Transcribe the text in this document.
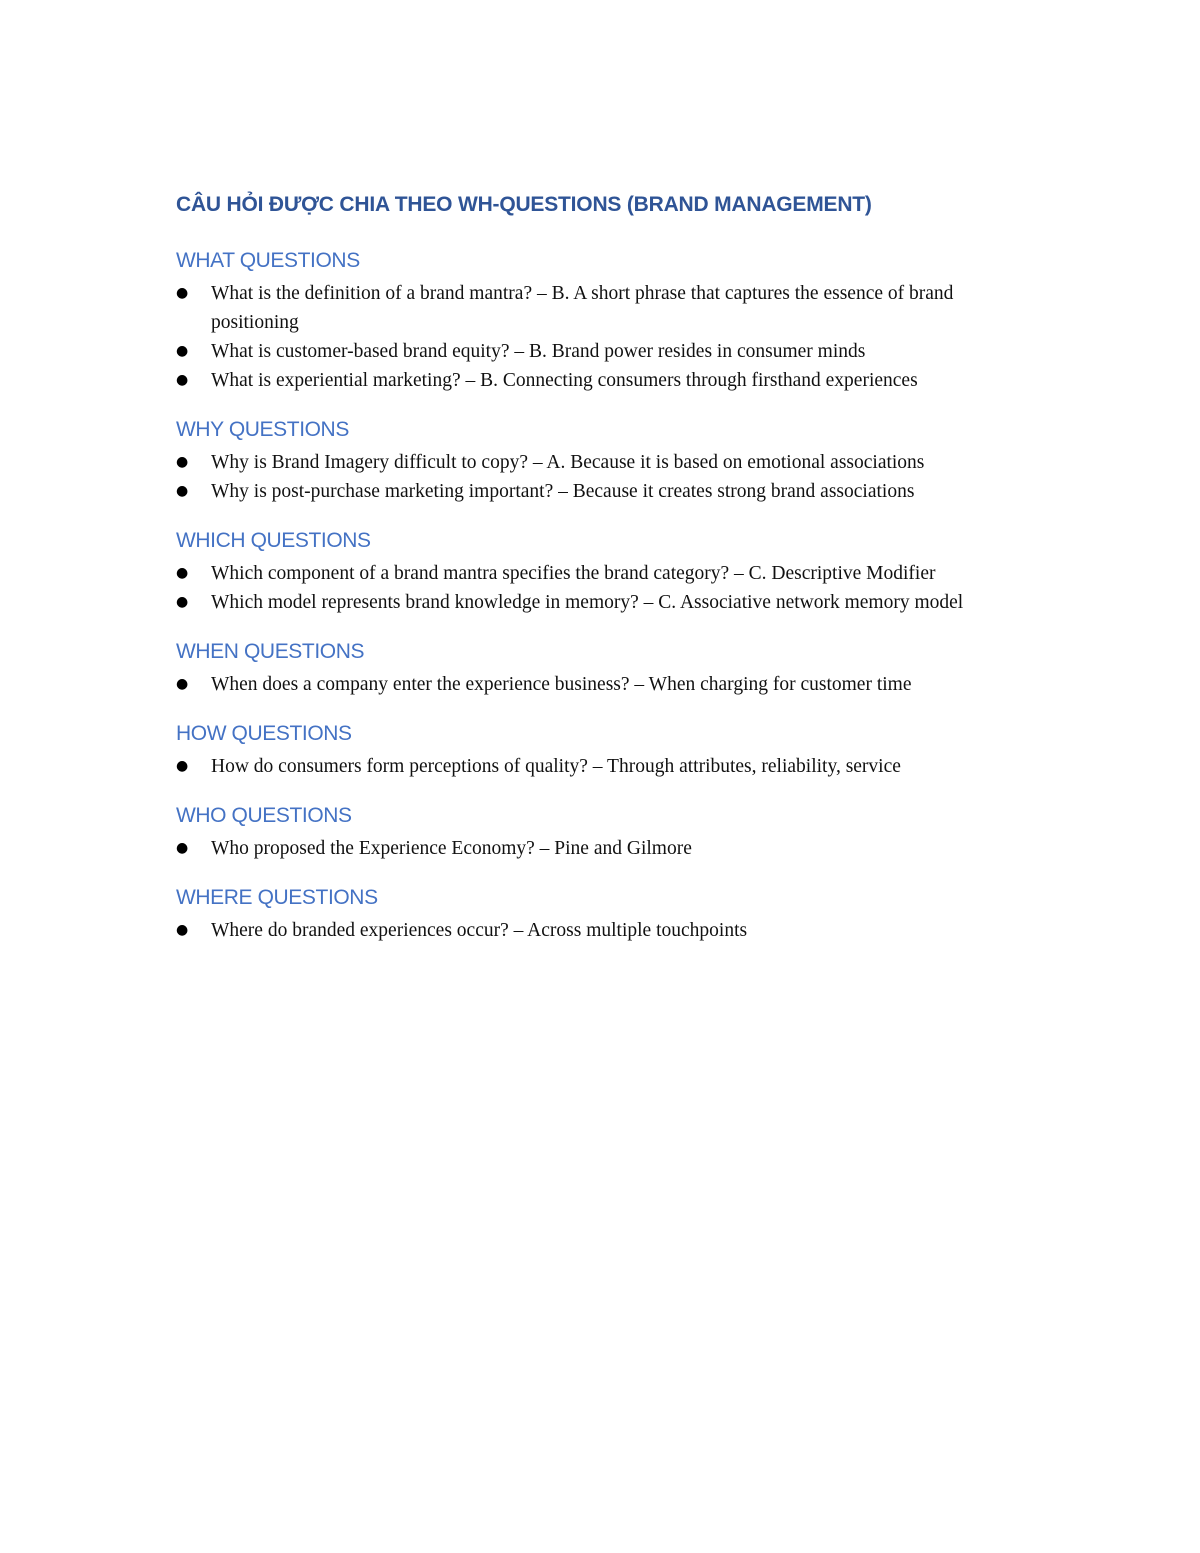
CÂU HỎI ĐƯỢC CHIA THEO WH-QUESTIONS (BRAND MANAGEMENT)
WHAT QUESTIONS
●	What is the definition of a brand mantra? – B. A short phrase that captures the essence of brand positioning
●	What is customer-based brand equity? – B. Brand power resides in consumer minds
●	What is experiential marketing? – B. Connecting consumers through firsthand experiences
WHY QUESTIONS
●	Why is Brand Imagery difficult to copy? – A. Because it is based on emotional associations
●	Why is post-purchase marketing important? – Because it creates strong brand associations
WHICH QUESTIONS
●	Which component of a brand mantra specifies the brand category? – C. Descriptive Modifier
●	Which model represents brand knowledge in memory? – C. Associative network memory model
WHEN QUESTIONS
●	When does a company enter the experience business? – When charging for customer time
HOW QUESTIONS
●	How do consumers form perceptions of quality? – Through attributes, reliability, service
WHO QUESTIONS
●	Who proposed the Experience Economy? – Pine and Gilmore
WHERE QUESTIONS
●	Where do branded experiences occur? – Across multiple touchpoints
